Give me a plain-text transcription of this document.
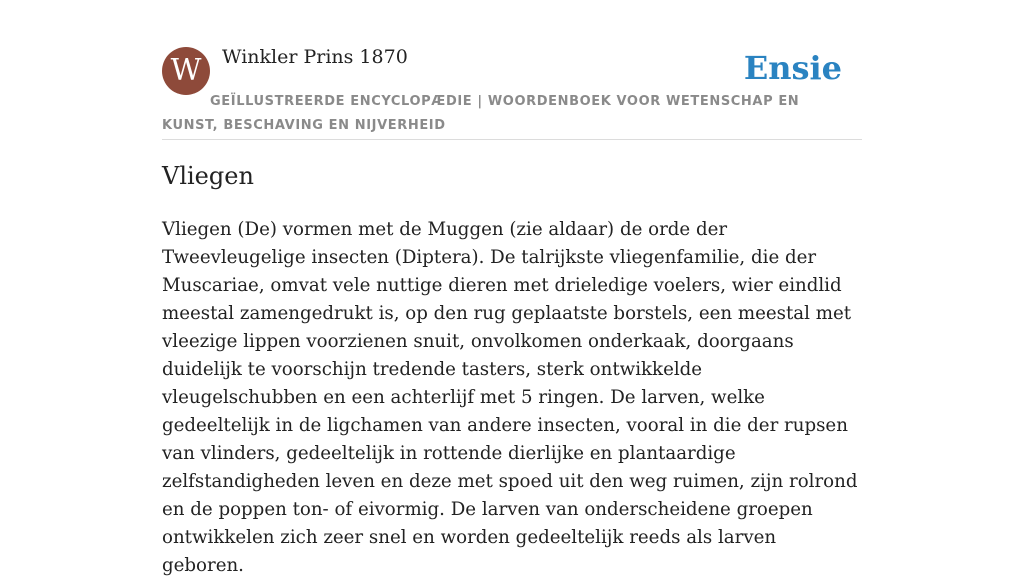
W Winkler Prins 1870	Ensie
GEÏLLUSTREERDE ENCYCLOPÆDIE | WOORDENBOEK VOOR WETENSCHAP EN KUNST, BESCHAVING EN NIJVERHEID
Vliegen

Vliegen (De) vormen met de Muggen (zie aldaar) de orde der Tweevleugelige insecten (Diptera). De talrijkste vliegenfamilie, die der Muscariae, omvat vele nuttige dieren met drieledige voelers, wier eindlid meestal zamengedrukt is, op den rug geplaatste borstels, een meestal met vleezige lippen voorzienen snuit, onvolkomen onderkaak, doorgaans duidelijk te voorschijn tredende tasters, sterk ontwikkelde vleugelschubben en een achterlijf met 5 ringen. De larven, welke gedeeltelijk in de ligchamen van andere insecten, vooral in die der rupsen van vlinders, gedeeltelijk in rottende dierlijke en plantaardige zelfstandigheden leven en deze met spoed uit den weg ruimen, zijn rolrond en de poppen ton- of eivormig. De larven van onderscheidene groepen ontwikkelen zich zeer snel en worden gedeeltelijk reeds als larven geboren.
